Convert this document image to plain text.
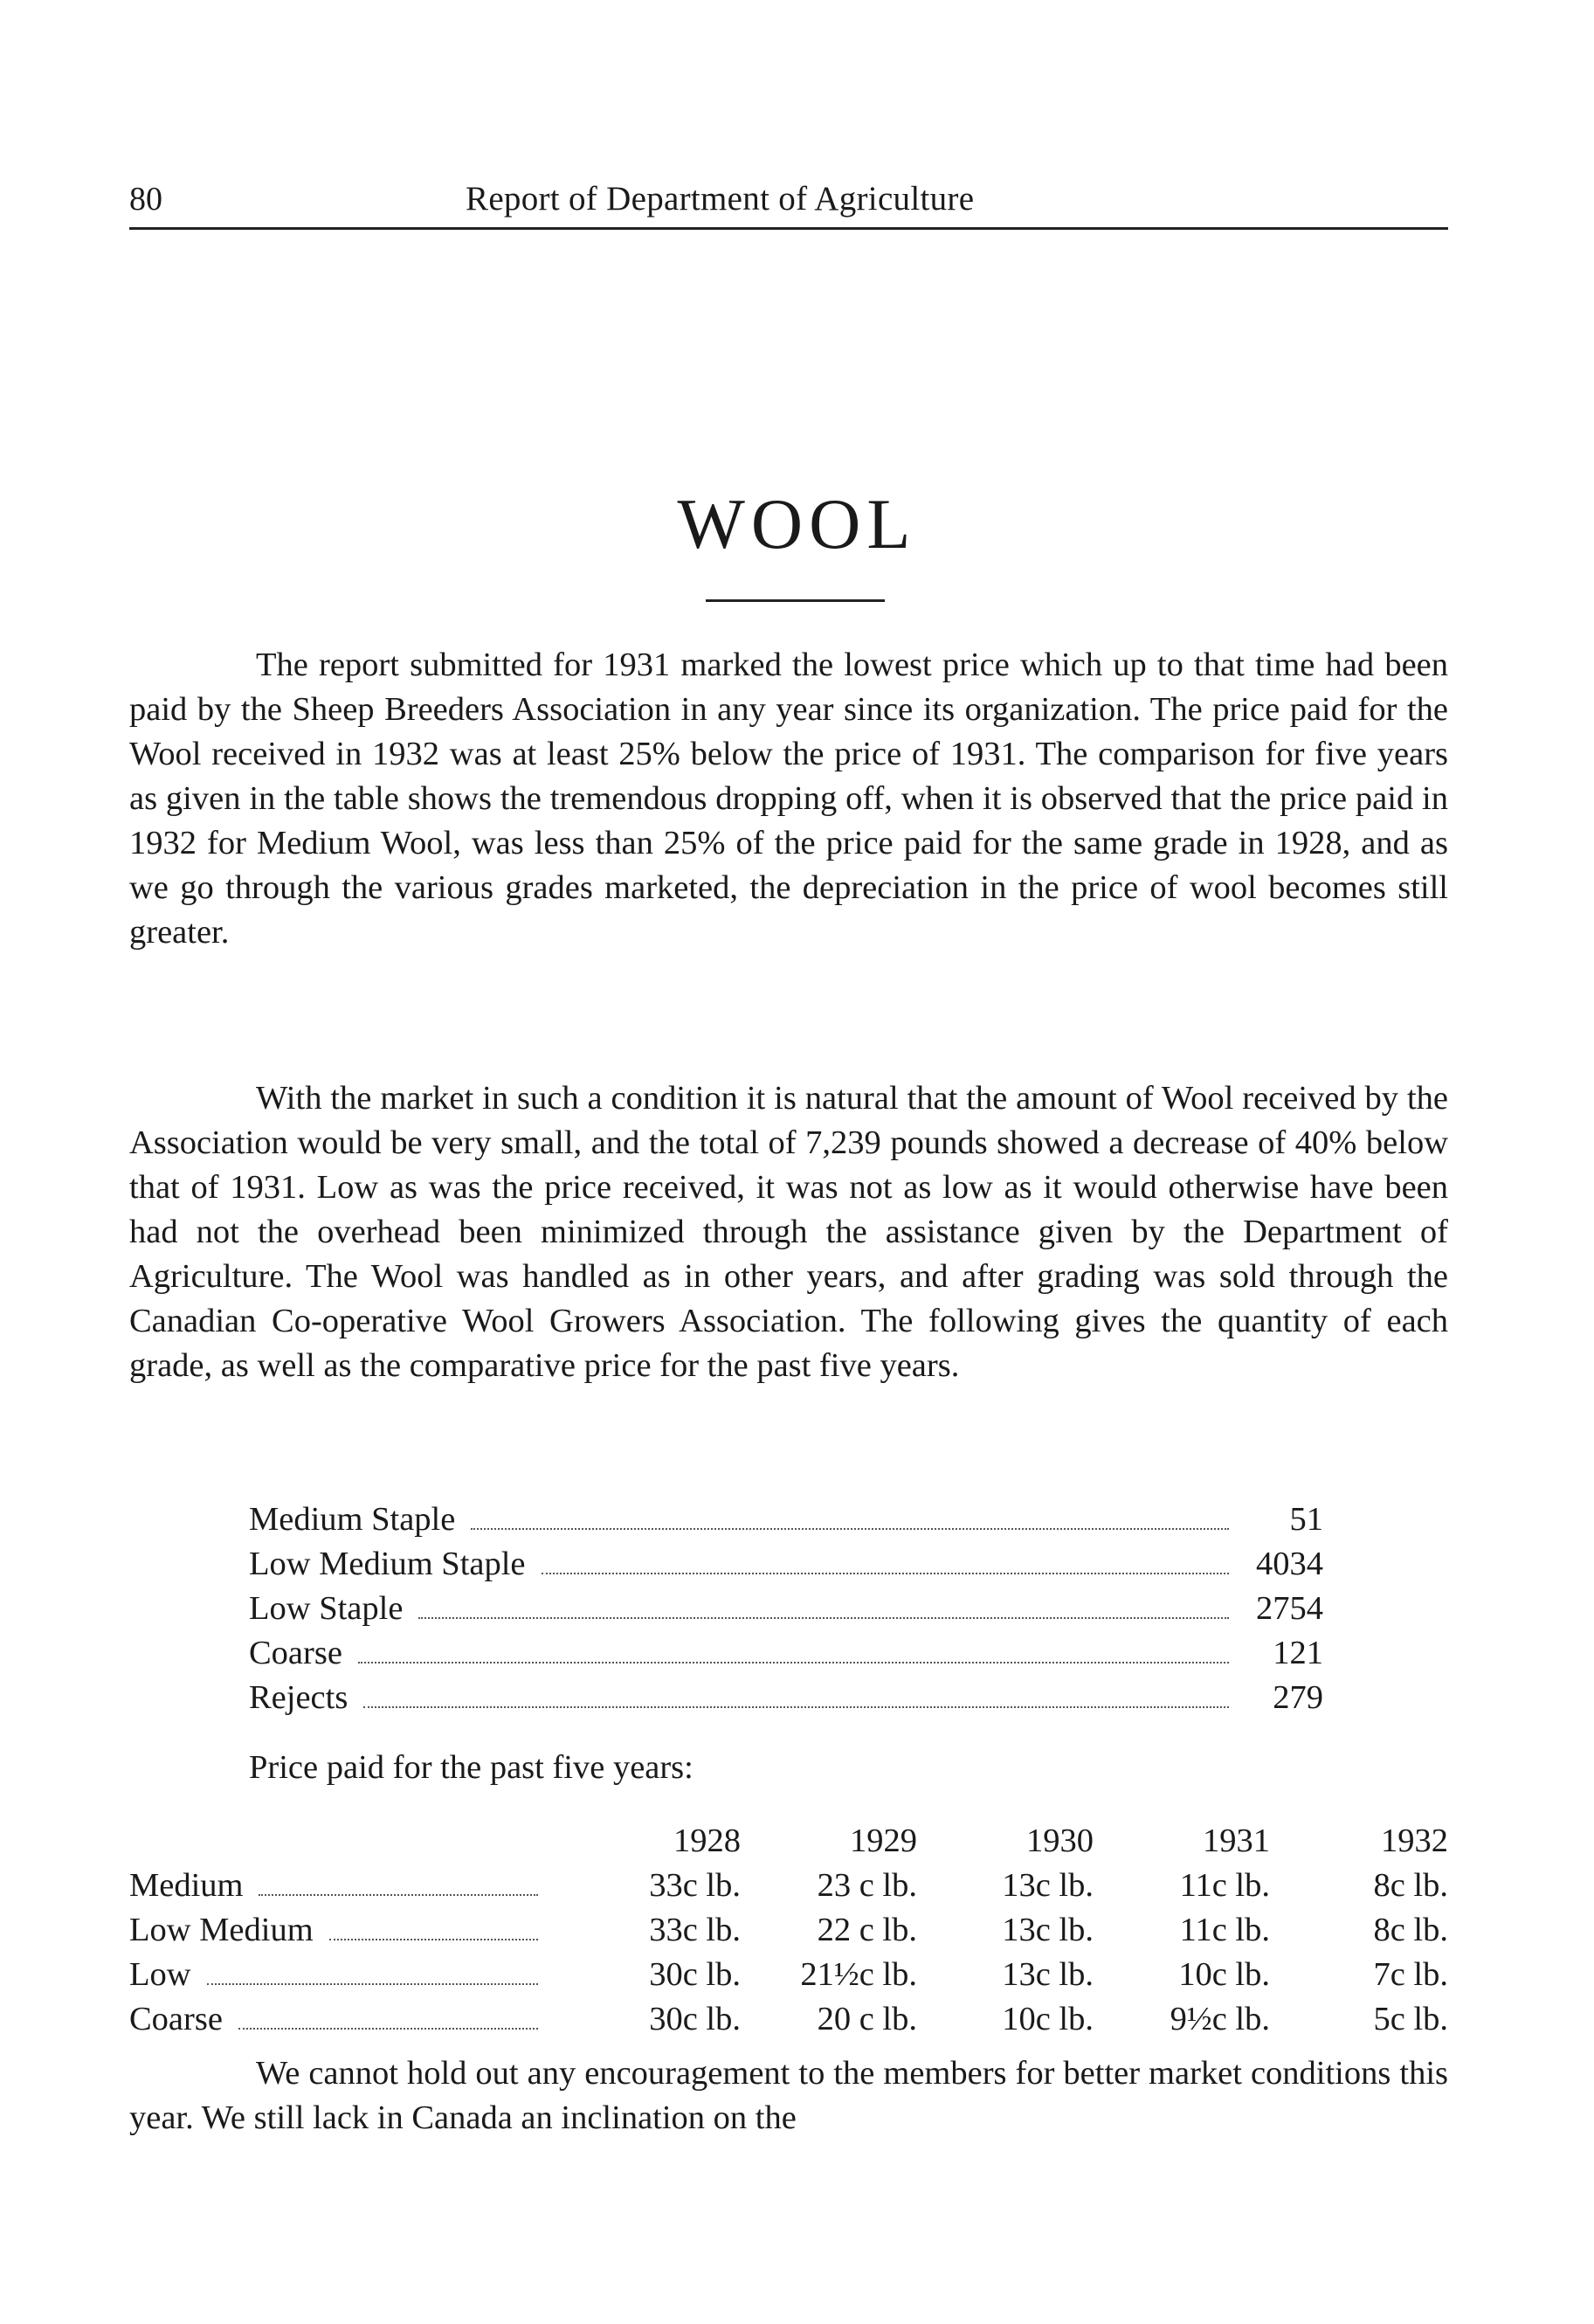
80	Report of Department of Agriculture
WOOL

The report submitted for 1931 marked the lowest price which up to that time had been paid by the Sheep Breeders Association in any year since its organization. The price paid for the Wool received in 1932 was at least 25% below the price of 1931. The comparison for five years as given in the table shows the tremendous dropping off, when it is observed that the price paid in 1932 for Medium Wool, was less than 25% of the price paid for the same grade in 1928, and as we go through the various grades marketed, the depreciation in the price of wool becomes still greater.

With the market in such a condition it is natural that the amount of Wool received by the Association would be very small, and the total of 7,239 pounds showed a decrease of 40% below that of 1931. Low as was the price received, it was not as low as it would otherwise have been had not the overhead been minimized through the assistance given by the Department of Agriculture. The Wool was handled as in other years, and after grading was sold through the Canadian Co-operative Wool Growers Association. The following gives the quantity of each grade, as well as the comparative price for the past five years.

Medium Staple	51
Low Medium Staple	4034
Low Staple	2754
Coarse	121
Rejects	279
Price paid for the past five years:
1928	1929	1930	1931	1932
Medium	33c lb.	23 c lb.	13c lb.	11c lb.	8c lb.
Low Medium	33c lb.	22 c lb.	13c lb.	11c lb.	8c lb.
Low	30c lb.	21½c lb.	13c lb.	10c lb.	7c lb.
Coarse	30c lb.	20 c lb.	10c lb.	9½c lb.	5c lb.

We cannot hold out any encouragement to the members for better market conditions this year. We still lack in Canada an inclination on the
